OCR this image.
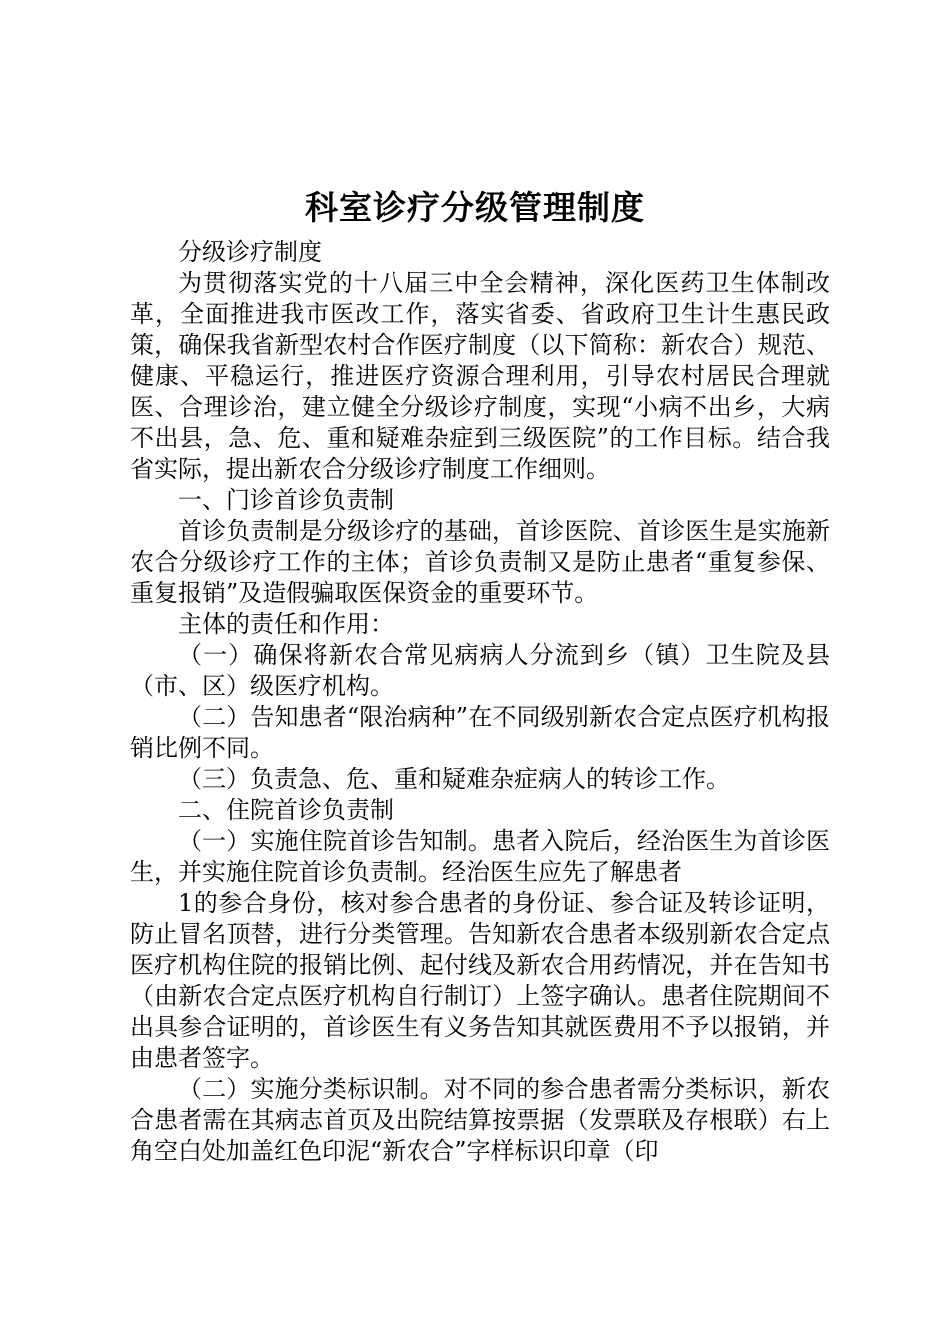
科室诊疗分级管理制度

分级诊疗制度

为贯彻落实党的十八届三中全会精神，深化医药卫生体制改革，全面推进我市医改工作，落实省委、省政府卫生计生惠民政策，确保我省新型农村合作医疗制度（以下简称：新农合）规范、健康、平稳运行，推进医疗资源合理利用，引导农村居民合理就医、合理诊治，建立健全分级诊疗制度，实现“小病不出乡，大病不出县，急、危、重和疑难杂症到三级医院”的工作目标。结合我省实际，提出新农合分级诊疗制度工作细则。

一、门诊首诊负责制

首诊负责制是分级诊疗的基础，首诊医院、首诊医生是实施新农合分级诊疗工作的主体；首诊负责制又是防止患者“重复参保、重复报销”及造假骗取医保资金的重要环节。

主体的责任和作用：

（一）确保将新农合常见病病人分流到乡（镇）卫生院及县（市、区）级医疗机构。

（二）告知患者“限治病种”在不同级别新农合定点医疗机构报销比例不同。

（三）负责急、危、重和疑难杂症病人的转诊工作。

二、住院首诊负责制

（一）实施住院首诊告知制。患者入院后，经治医生为首诊医生，并实施住院首诊负责制。经治医生应先了解患者

1的参合身份，核对参合患者的身份证、参合证及转诊证明，防止冒名顶替，进行分类管理。告知新农合患者本级别新农合定点医疗机构住院的报销比例、起付线及新农合用药情况，并在告知书（由新农合定点医疗机构自行制订）上签字确认。患者住院期间不出具参合证明的，首诊医生有义务告知其就医费用不予以报销，并由患者签字。

（二）实施分类标识制。对不同的参合患者需分类标识，新农合患者需在其病志首页及出院结算按票据（发票联及存根联）右上角空白处加盖红色印泥“新农合”字样标识印章（印
